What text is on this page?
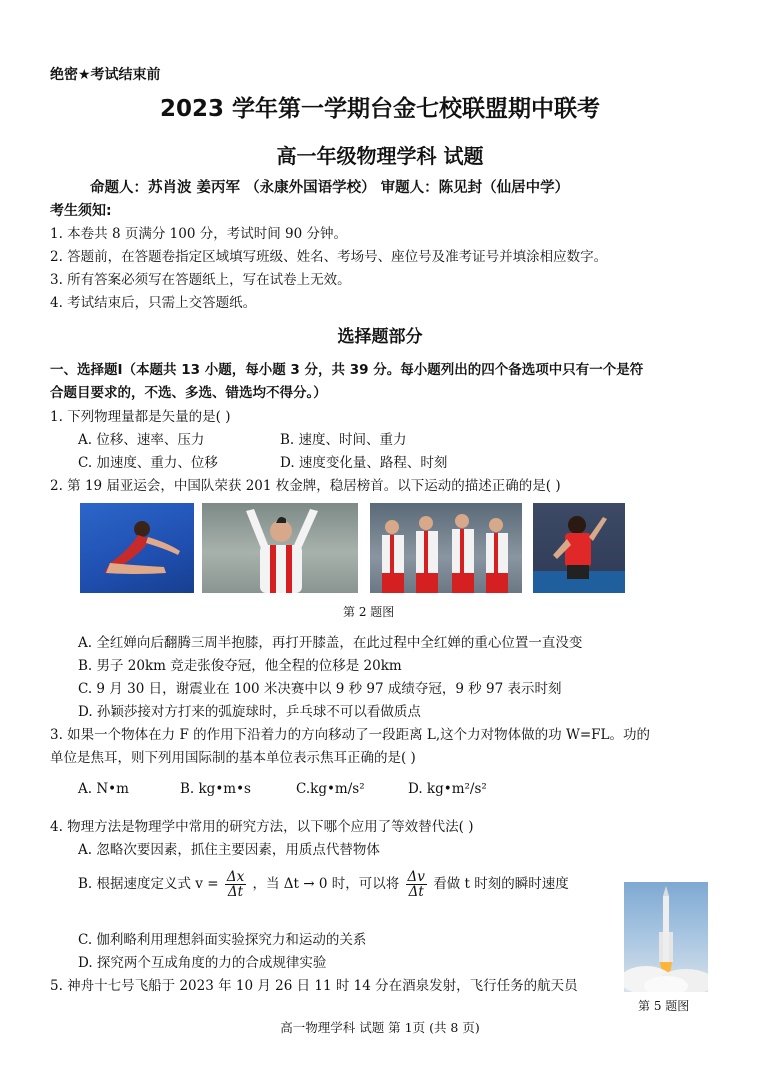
绝密★考试结束前
2023 学年第一学期台金七校联盟期中联考
高一年级物理学科 试题
命题人：苏肖波 姜丙军 （永康外国语学校） 审题人：陈见封（仙居中学）
考生须知:
1. 本卷共 8 页满分 100 分，考试时间 90 分钟。
2. 答题前，在答题卷指定区域填写班级、姓名、考场号、座位号及准考证号并填涂相应数字。
3. 所有答案必须写在答题纸上，写在试卷上无效。
4. 考试结束后，只需上交答题纸。
选择题部分
一、选择题Ⅰ（本题共 13 小题，每小题 3 分，共 39 分。每小题列出的四个备选项中只有一个是符
合题目要求的，不选、多选、错选均不得分。）
1. 下列物理量都是矢量的是( )
A. 位移、速率、压力	B. 速度、时间、重力
C. 加速度、重力、位移	D. 速度变化量、路程、时刻
2. 第 19 届亚运会，中国队荣获 201 枚金牌，稳居榜首。以下运动的描述正确的是( )
第 2 题图
A. 全红婵向后翻腾三周半抱膝，再打开膝盖，在此过程中全红婵的重心位置一直没变
B. 男子 20km 竞走张俊夺冠，他全程的位移是 20km
C. 9 月 30 日，谢震业在 100 米决赛中以 9 秒 97 成绩夺冠，9 秒 97 表示时刻
D. 孙颖莎接对方打来的弧旋球时，乒乓球不可以看做质点
3. 如果一个物体在力 F 的作用下沿着力的方向移动了一段距离 L,这个力对物体做的功 W=FL。功的
单位是焦耳，则下列用国际制的基本单位表示焦耳正确的是( )
A. N•m	B. kg•m•s	C.kg•m/s²	D. kg•m²/s²
4. 物理方法是物理学中常用的研究方法，以下哪个应用了等效替代法( )
A. 忽略次要因素，抓住主要因素，用质点代替物体
B. 根据速度定义式 $v = \frac{\Delta x}{\Delta t}$ ，当 Δt → 0 时，可以将 $\frac{\Delta v}{\Delta t}$ 看做 t 时刻的瞬时速度
C. 伽利略利用理想斜面实验探究力和运动的关系
D. 探究两个互成角度的力的合成规律实验
第 5 题图
5. 神舟十七号飞船于 2023 年 10 月 26 日 11 时 14 分在酒泉发射，飞行任务的航天员
高一物理学科 试题 第 1页 (共 8 页)
